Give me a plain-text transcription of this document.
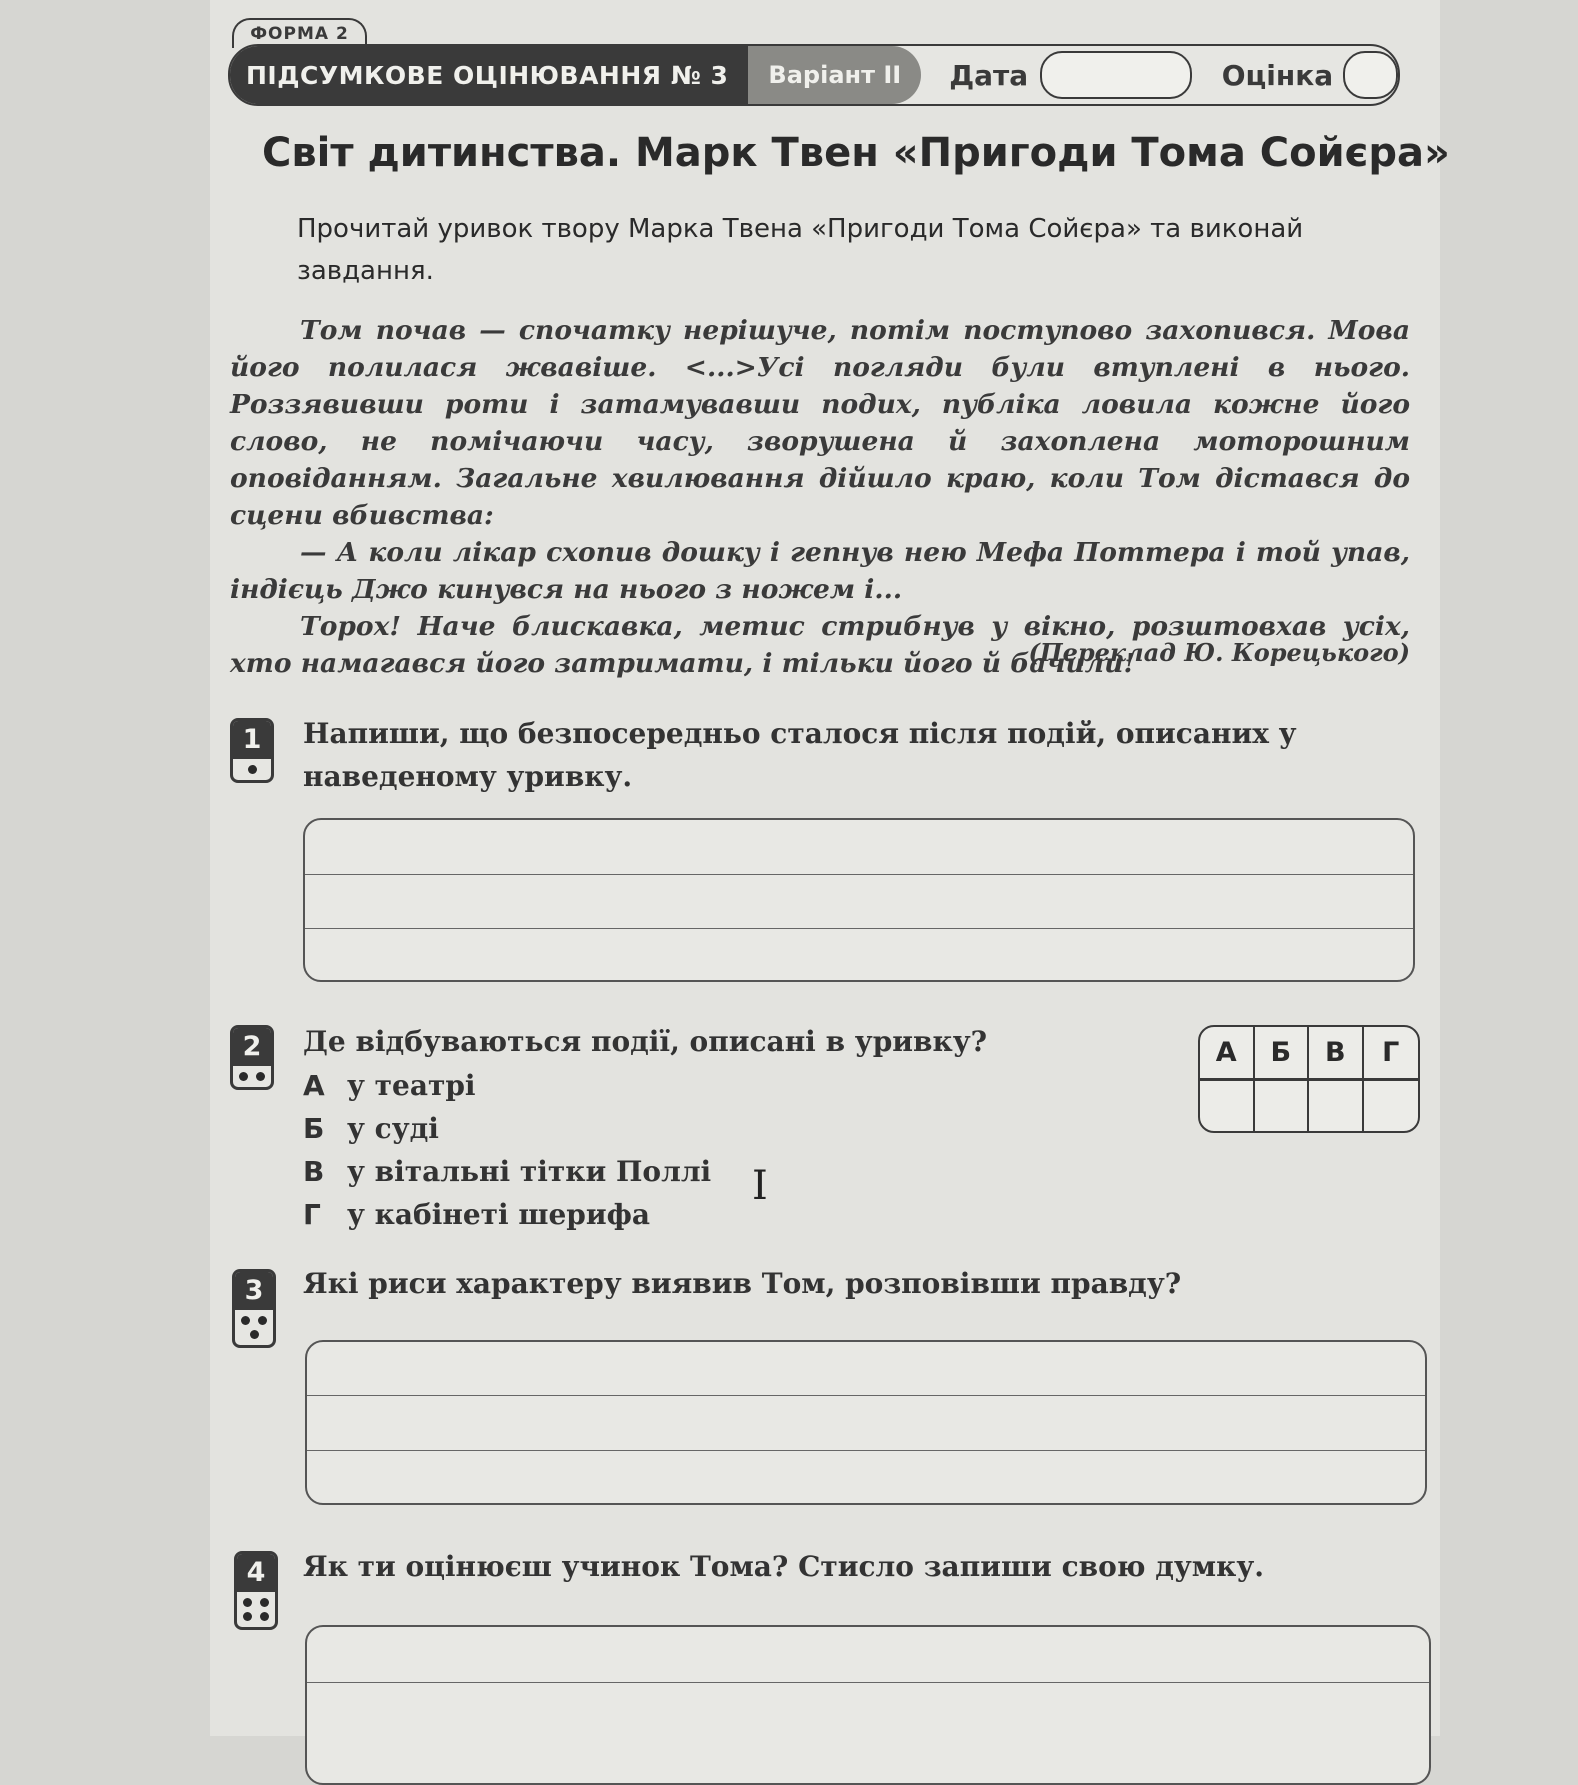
ФОРМА 2
ПІДСУМКОВЕ ОЦІНЮВАННЯ № 3	Варіант ІІ	Дата	Оцінка
Світ дитинства. Марк Твен «Пригоди Тома Сойєра»
Прочитай уривок твору Марка Твена «Пригоди Тома Сойєра» та виконай завдання.

Том почав — спочатку нерішуче, потім поступово захопився. Мова його полилася жвавіше. <...>Усі погляди були втуплені в нього. Роззявивши роти і затамувавши подих, публіка ловила кожне його слово, не помічаючи часу, зворушена й захоплена моторошним оповіданням. Загальне хвилювання дійшло краю, коли Том дістався до сцени вбивства:

— А коли лікар схопив дошку і гепнув нею Мефа Поттера і той упав, індієць Джо кинувся на нього з ножем і...

Торох! Наче блискавка, метис стрибнув у вікно, розштовхав усіх, хто намагався його затримати, і тільки його й бачили!

(Переклад Ю. Корецького)
1	Напиши, що безпосередньо сталося після подій, описаних у наведеному уривку.
2	Де відбуваються події, описані в уривку?
А у театрі
Б у суді
В у вітальні тітки Поллі
Г у кабінеті шерифа
А	Б	В	Г
I
3	Які риси характеру виявив Том, розповівши правду?
4	Як ти оцінюєш учинок Тома? Стисло запиши свою думку.
